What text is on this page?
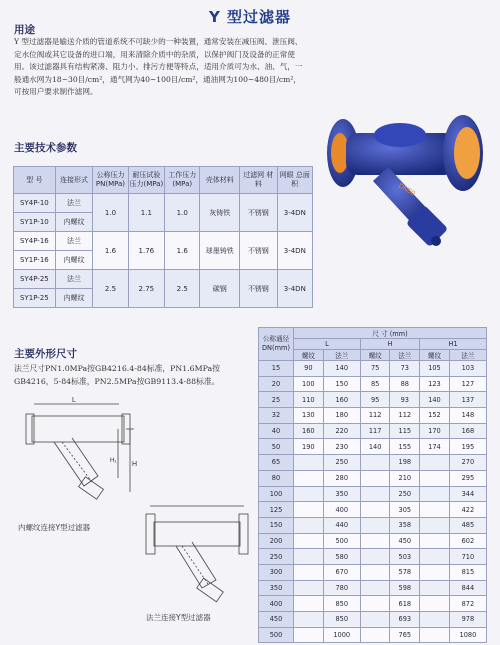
Y 型过滤器
用途
Y 型过滤器是输送介质的管道系统不可缺少的一种装置，通常安装在减压阀、泄压阀、定水位阀或其它设备的进口端，用来清除介质中的杂质，以保护阀门及设备的正常使用。该过滤器具有结构紧凑、阻力小、排污方便等特点，适用介质可为水、油、气，一般通水网为18~30目/cm²，通气网为40~100目/cm²，通油网为100~480目/cm²，可按用户要求制作滤网。
DN50
主要技术参数
型 号	连接形式	公称压力 PN(MPa)	耐压试验 压力(MPa)	工作压力 (MPa)	壳体材料	过滤网 材料	网眼 总面积
SY4P-10	法兰	1.0	1.1	1.0	灰铸铁	不锈钢	3-4DN
SY1P-10	内螺纹						
SY4P-16	法兰	1.6	1.76	1.6	球墨铸铁	不锈钢	3-4DN
SY1P-16	内螺纹						
SY4P-25	法兰	2.5	2.75	2.5	碳钢	不锈钢	3-4DN
SY1P-25	内螺纹						
主要外形尺寸
法兰尺寸PN1.0MPa按GB4216.4-84标准，PN1.6MPa按GB4216，5-84标准，PN2.5MPa按GB9113.4-88标准。
L
H
H₁
内螺纹连接Y型过滤器
法兰连接Y型过滤器
公称通径 DN(mm)	尺 寸 (mm)					
	L		H		H1	
	螺纹	法兰	螺纹	法兰	螺纹	法兰
15	90	140	75	73	105	103
20	100	150	85	88	123	127
25	110	160	95	93	140	137
32	130	180	112	112	152	148
40	160	220	117	115	170	168
50	190	230	140	155	174	195
65		250		198		270
80		280		210		295
100		350		250		344
125		400		305		422
150		440		358		485
200		500		450		602
250		580		503		710
300		670		578		815
350		780		598		844
400		850		618		872
450		850		693		978
500		1000		765		1080
